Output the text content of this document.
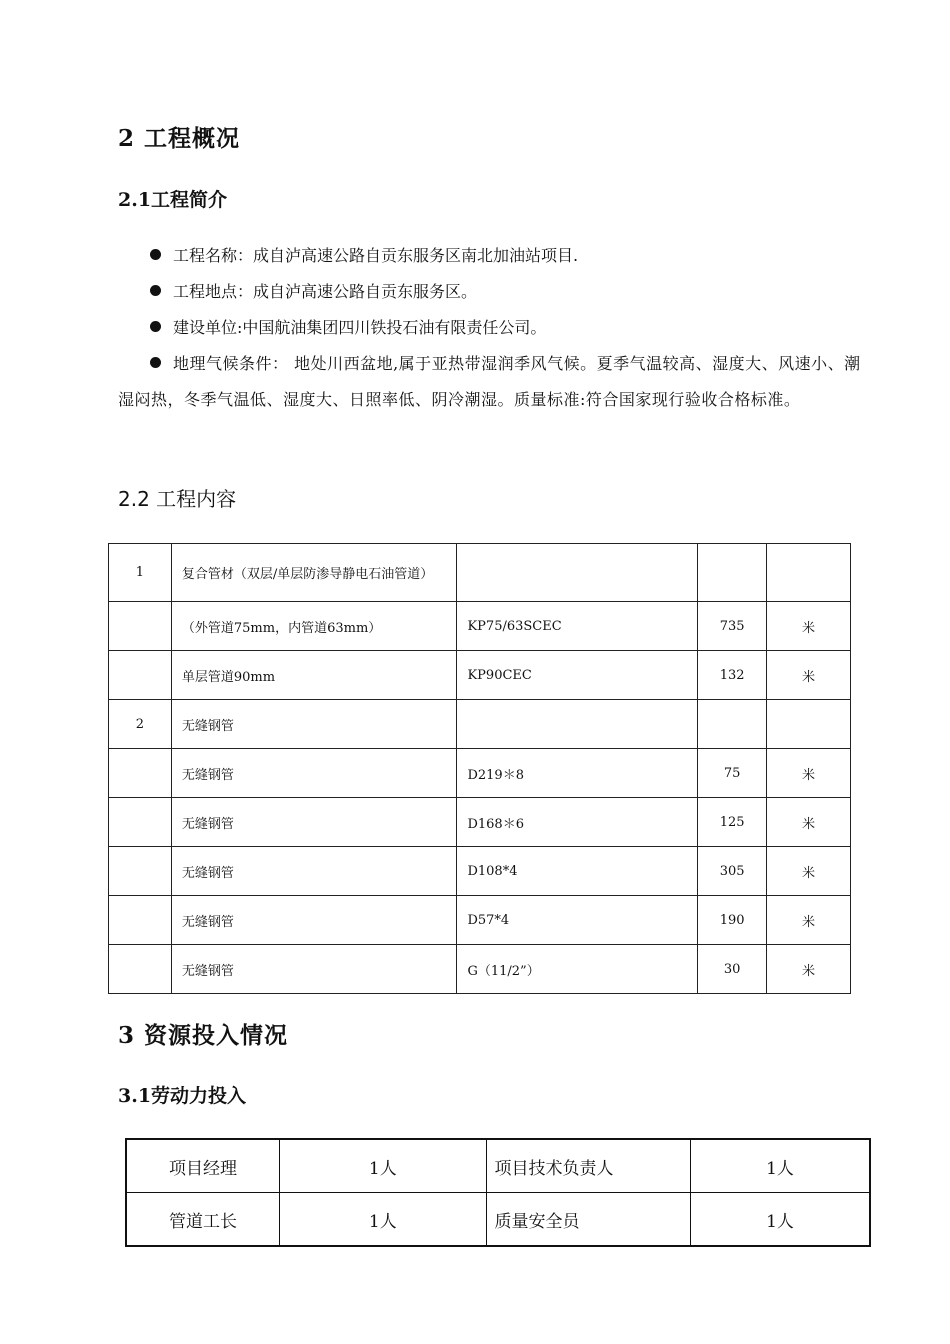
2 工程概况
2.1工程简介
工程名称：成自泸高速公路自贡东服务区南北加油站项目.
工程地点：成自泸高速公路自贡东服务区。
建设单位:中国航油集团四川铁投石油有限责任公司。
地理气候条件： 地处川西盆地,属于亚热带湿润季风气候。夏季气温较高、湿度大、风速小、潮湿闷热，冬季气温低、湿度大、日照率低、阴冷潮湿。质量标准:符合国家现行验收合格标准。
2.2 工程内容
1	复合管材（双层/单层防渗导静电石油管道）			
	（外管道75mm，内管道63mm）	KP75/63SCEC	735	米
	单层管道90mm	KP90CEC	132	米
2	无缝钢管			
	无缝钢管	D219＊8	75	米
	无缝钢管	D168＊6	125	米
	无缝钢管	D108*4	305	米
	无缝钢管	D57*4	190	米
	无缝钢管	G（11/2”）	30	米
3 资源投入情况
3.1劳动力投入
项目经理	1人	项目技术负责人	1人
管道工长	1人	质量安全员	1人
